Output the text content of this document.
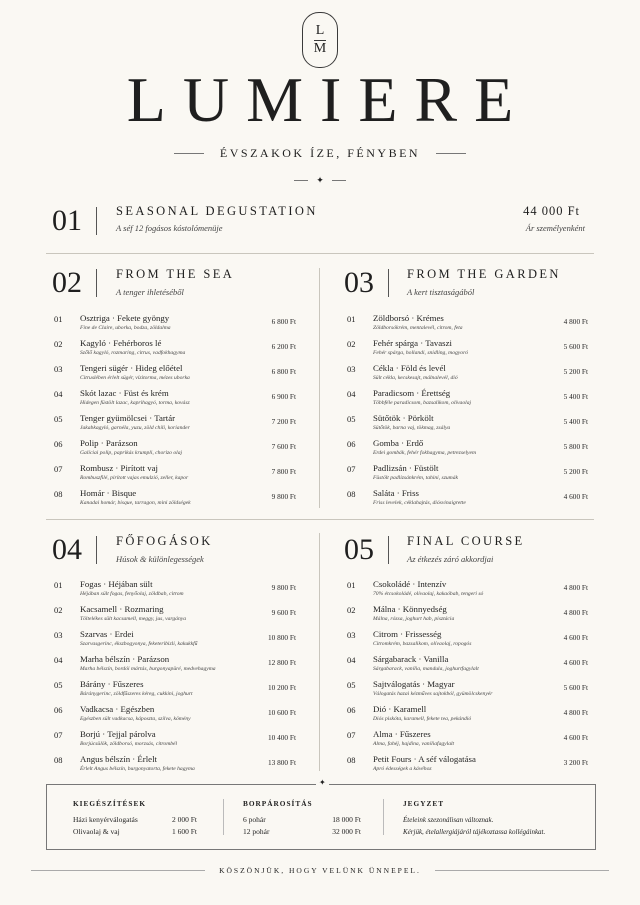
L
M
LUMIERE
ÉVSZAKOK ÍZE, FÉNYBEN
✦
01	SEASONAL DEGUSTATION
A séf 12 fogásos kóstolómenüje
44 000 Ft
Ár személyenként
02	FROM THE SEA
A tenger ihletéséből
01	Osztriga · Fekete gyöngy
Fine de Claire, uborka, bodza, zöldalma
6 800 Ft
02	Kagyló · Fehérboros lé
Szőlő kagyló, rozmaring, citrus, vadfokhagyma
6 200 Ft
03	Tengeri sügér · Hideg előétel
Citruslében érlelt sügér, vízitorma, mézes uborka
6 800 Ft
04	Skót lazac · Füst és krém
Hidegen füstölt lazac, kaprihagyó, torma, kovász
6 900 Ft
05	Tenger gyümölcsei · Tartár
Jakabkagyló, garnéla, yuzu, zöld chili, koriander
7 200 Ft
06	Polip · Parázson
Galíciai polip, paprikás krumpli, chorizo olaj
7 600 Ft
07	Rombusz · Pirított vaj
Rombuszfilé, pirított vajas emulzió, zeller, kapor
7 800 Ft
08	Homár · Bisque
Kanadai homár, bisque, tarragon, mini zöldségek
9 800 Ft
03	FROM THE GARDEN
A kert tisztaságából
01	Zöldborsó · Krémes
Zöldborsókrém, mentalevél, citrom, feta
4 800 Ft
02	Fehér spárga · Tavaszi
Fehér spárga, hollandi, snidling, mogyoró
5 600 Ft
03	Cékla · Föld és levél
Sült cékla, kecskesajt, málnalevél, dió
5 200 Ft
04	Paradicsom · Érettség
Többféle paradicsom, bazsalikom, olívaolaj
5 400 Ft
05	Sütőtök · Pörkölt
Sütőtök, barna vaj, tökmag, zsálya
5 400 Ft
06	Gomba · Erdő
Erdei gombák, fehér fokhagyma, petrezselyem
5 800 Ft
07	Padlizsán · Füstölt
Füstölt padlizsánkrém, tahini, szumák
5 200 Ft
08	Saláta · Friss
Friss levelek, céklahajtás, diósvinaigrette
4 600 Ft
04	FŐFOGÁSOK
Húsok & különlegességek
01	Fogas · Héjában sült
Héjában sült fogas, fenyőolaj, zöldbab, citrom
9 800 Ft
02	Kacsamell · Rozmaring
Töltelékes sült kacsamell, meggy, jus, vargánya
9 600 Ft
03	Szarvas · Erdei
Szarvasgerinc, ékszbogyonya, feketeribizli, kakukkfű
10 800 Ft
04	Marha bélszín · Parázson
Marha bélszín, bordói mártás, burgonyapüré, medvehagyma
12 800 Ft
05	Bárány · Fűszeres
Báránygerinc, zöldfűszeres kéreg, cukkini, joghurt
10 200 Ft
06	Vadkacsa · Egészben
Egészben sült vadkacsa, káposzta, szilva, kömény
10 600 Ft
07	Borjú · Tejjal párolva
Borjúcsülök, zöldborsó, morzsás, citrombél
10 400 Ft
08	Angus bélszín · Érlelt
Érlelt Angus bélszín, burgonyatorta, fekete hagyma
13 800 Ft
05	FINAL COURSE
Az étkezés záró akkordjai
01	Csokoládé · Intenzív
70% étcsokoládé, olívaolaj, kakaóbab, tengeri só
4 800 Ft
02	Málna · Könnyedség
Málna, rózsa, joghurt hab, pisztácia
4 800 Ft
03	Citrom · Frissesség
Citromkrém, bazsalikom, olívaolaj, ropogós
4 600 Ft
04	Sárgabarack · Vanilla
Sárgabarack, vanília, mandula, joghurtfagylalt
4 600 Ft
05	Sajtválogatás · Magyar
Válogatás hazai kézműves sajtokból, gyümölcskenyér
5 600 Ft
06	Dió · Karamell
Diós piskóta, karamell, fekete tea, pekándió
4 800 Ft
07	Alma · Fűszeres
Alma, fahéj, hajdina, vaníliafagylalt
4 600 Ft
08	Petit Fours · A séf válogatása
Apró édességek a kávéhoz
3 200 Ft
KIEGÉSZÍTÉSEK
Házi kenyérválogatás	2 000 Ft
Olivaolaj & vaj	1 600 Ft
BORPÁROSÍTÁS
6 pohár	18 000 Ft
12 pohár	32 000 Ft
JEGYZET
Ételeink szezonálisan változnak.
Kérjük, ételallergiájáról tájékoztassa kollégáinkat.
✦
KÖSZÖNJÜK, HOGY VELÜNK ÜNNEPEL.
